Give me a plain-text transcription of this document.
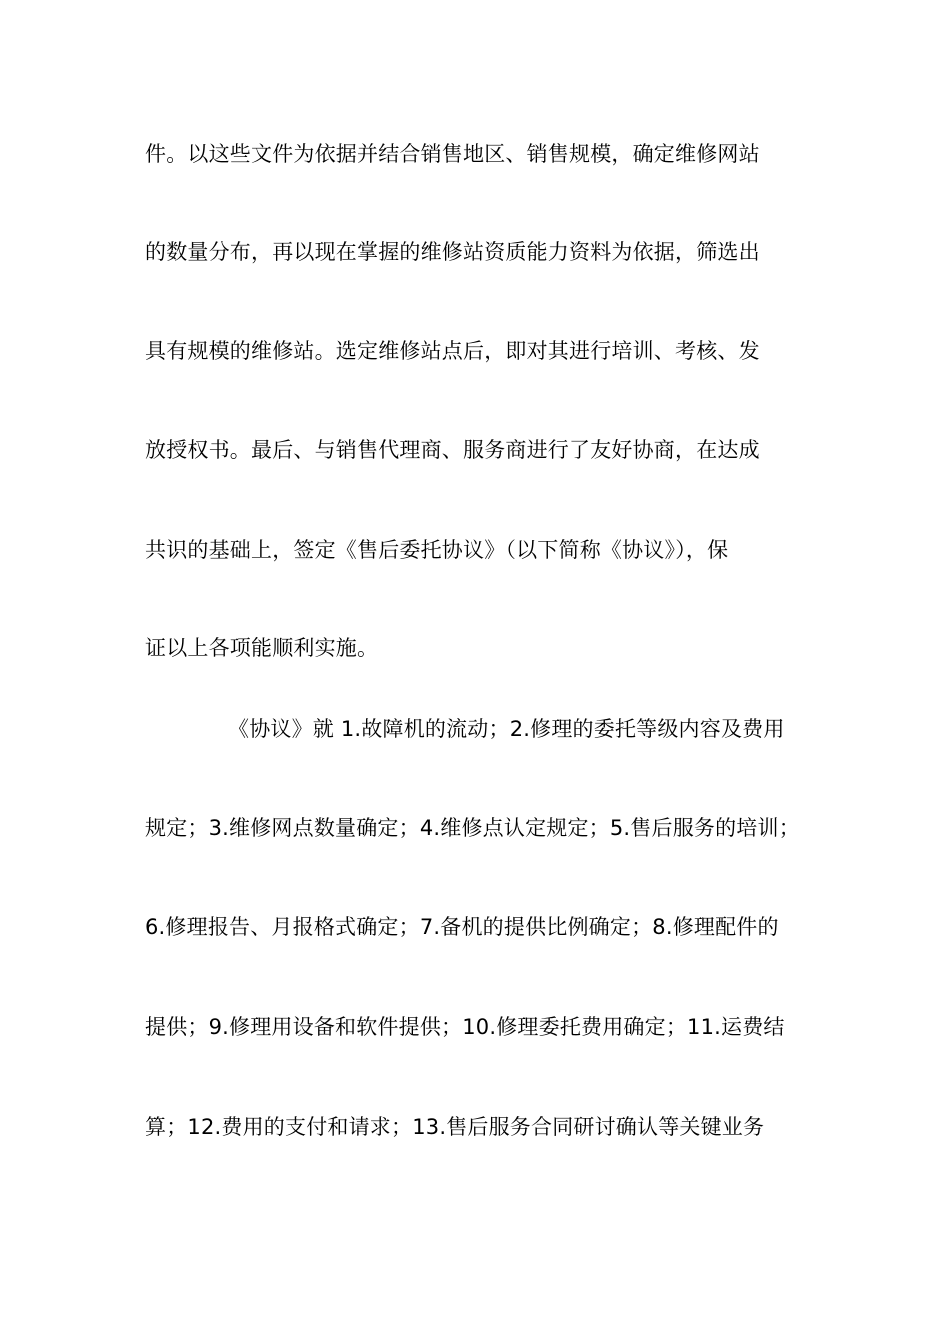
件。以这些文件为依据并结合销售地区、销售规模，确定维修网站
的数量分布，再以现在掌握的维修站资质能力资料为依据，筛选出
具有规模的维修站。选定维修站点后，即对其进行培训、考核、发
放授权书。最后、与销售代理商、服务商进行了友好协商，在达成
共识的基础上，签定《售后委托协议》（以下简称《协议》），保
证以上各项能顺利实施。
《协议》就 1.故障机的流动；2.修理的委托等级内容及费用
规定；3.维修网点数量确定；4.维修点认定规定；5.售后服务的培训；
6.修理报告、月报格式确定；7.备机的提供比例确定；8.修理配件的
提供；9.修理用设备和软件提供；10.修理委托费用确定；11.运费结
算；12.费用的支付和请求；13.售后服务合同研讨确认等关键业务
